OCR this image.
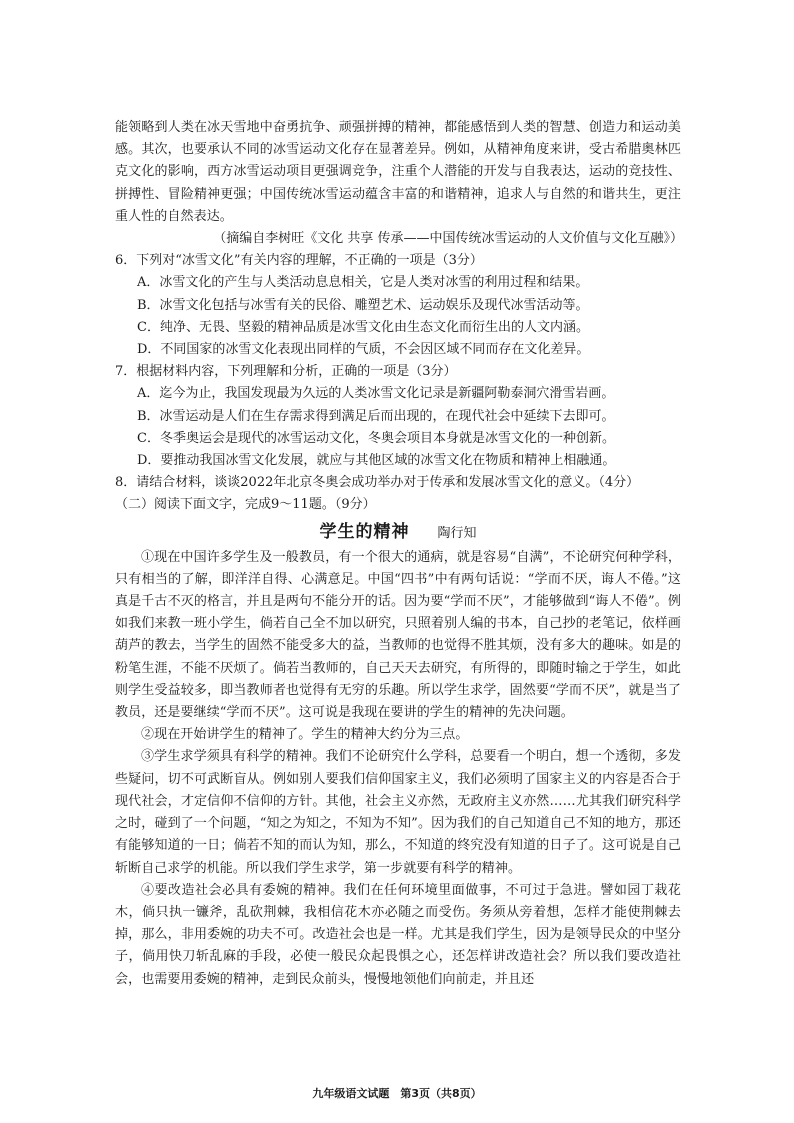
能领略到人类在冰天雪地中奋勇抗争、顽强拼搏的精神，都能感悟到人类的智慧、创造力和运动美感。其次，也要承认不同的冰雪运动文化存在显著差异。例如，从精神角度来讲，受古希腊奥林匹克文化的影响，西方冰雪运动项目更强调竞争，注重个人潜能的开发与自我表达，运动的竞技性、拼搏性、冒险精神更强；中国传统冰雪运动蕴含丰富的和谐精神，追求人与自然的和谐共生，更注重人性的自然表达。

（摘编自李树旺《文化 共享 传承——中国传统冰雪运动的人文价值与文化互融》）

6．下列对“冰雪文化”有关内容的理解，不正确的一项是（3分）

A．冰雪文化的产生与人类活动息息相关，它是人类对冰雪的利用过程和结果。

B．冰雪文化包括与冰雪有关的民俗、雕塑艺术、运动娱乐及现代冰雪活动等。

C．纯净、无畏、坚毅的精神品质是冰雪文化由生态文化而衍生出的人文内涵。

D．不同国家的冰雪文化表现出同样的气质，不会因区域不同而存在文化差异。

7．根据材料内容，下列理解和分析，正确的一项是（3分）

A．迄今为止，我国发现最为久远的人类冰雪文化记录是新疆阿勒泰洞穴滑雪岩画。

B．冰雪运动是人们在生存需求得到满足后而出现的，在现代社会中延续下去即可。

C．冬季奥运会是现代的冰雪运动文化，冬奥会项目本身就是冰雪文化的一种创新。

D．要推动我国冰雪文化发展，就应与其他区域的冰雪文化在物质和精神上相融通。

8．请结合材料，谈谈2022年北京冬奥会成功举办对于传承和发展冰雪文化的意义。（4分）

（二）阅读下面文字，完成9～11题。（9分）

学生的精神 陶行知

①现在中国许多学生及一般教员，有一个很大的通病，就是容易“自满”，不论研究何种学科，只有相当的了解，即洋洋自得、心满意足。中国“四书”中有两句话说：“学而不厌，诲人不倦。”这真是千古不灭的格言，并且是两句不能分开的话。因为要“学而不厌”，才能够做到“诲人不倦”。例如我们来教一班小学生，倘若自己全不加以研究，只照着别人编的书本，自己抄的老笔记，依样画葫芦的教去，当学生的固然不能受多大的益，当教师的也觉得不胜其烦，没有多大的趣味。如是的粉笔生涯，不能不厌烦了。倘若当教师的，自己天天去研究，有所得的，即随时输之于学生，如此则学生受益较多，即当教师者也觉得有无穷的乐趣。所以学生求学，固然要“学而不厌”，就是当了教员，还是要继续“学而不厌”。这可说是我现在要讲的学生的精神的先决问题。

②现在开始讲学生的精神了。学生的精神大约分为三点。

③学生求学须具有科学的精神。我们不论研究什么学科，总要看一个明白，想一个透彻，多发些疑问，切不可武断盲从。例如别人要我们信仰国家主义，我们必须明了国家主义的内容是否合于现代社会，才定信仰不信仰的方针。其他，社会主义亦然，无政府主义亦然……尤其我们研究科学之时，碰到了一个问题，“知之为知之，不知为不知”。因为我们的自己知道自己不知的地方，那还有能够知道的一日；倘若不知的而认为知，那么，不知道的终究没有知道的日子了。这可说是自己斩断自己求学的机能。所以我们学生求学，第一步就要有科学的精神。

④要改造社会必具有委婉的精神。我们在任何环境里面做事，不可过于急进。譬如园丁栽花木，倘只执一镰斧，乱砍荆棘，我相信花木亦必随之而受伤。务须从旁着想，怎样才能使荆棘去掉，那么，非用委婉的功夫不可。改造社会也是一样。尤其是我们学生，因为是领导民众的中坚分子，倘用快刀斩乱麻的手段，必使一般民众起畏惧之心，还怎样讲改造社会？所以我们要改造社会，也需要用委婉的精神，走到民众前头，慢慢地领他们向前走，并且还

九年级语文试题　第3页（共8页）
